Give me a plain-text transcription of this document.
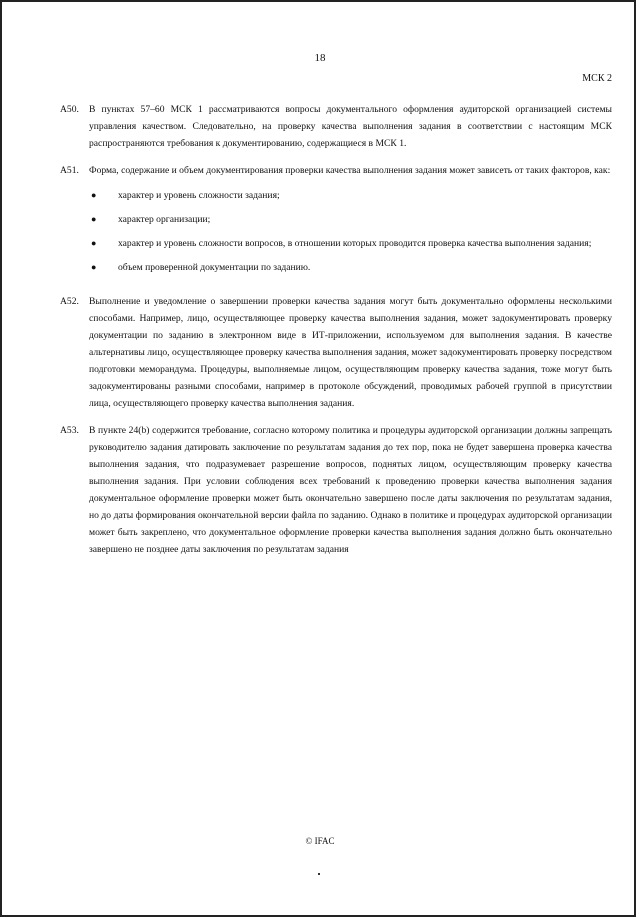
18
МСК 2
A50.	В пунктах 57–60 МСК 1 рассматриваются вопросы документального оформления аудиторской организацией системы управления качеством. Следовательно, на проверку качества выполнения задания в соответствии с настоящим МСК распространяются требования к документированию, содержащиеся в МСК 1.
A51.	Форма, содержание и объем документирования проверки качества выполнения задания может зависеть от таких факторов, как:
●	характер и уровень сложности задания;
●	характер организации;
●	характер и уровень сложности вопросов, в отношении которых проводится проверка качества выполнения задания;
●	объем проверенной документации по заданию.
A52.	Выполнение и уведомление о завершении проверки качества задания могут быть документально оформлены несколькими способами. Например, лицо, осуществляющее проверку качества выполнения задания, может задокументировать проверку документации по заданию в электронном виде в ИТ-приложении, используемом для выполнения задания. В качестве альтернативы лицо, осуществляющее проверку качества выполнения задания, может задокументировать проверку посредством подготовки меморандума. Процедуры, выполняемые лицом, осуществляющим проверку качества задания, тоже могут быть задокументированы разными способами, например в протоколе обсуждений, проводимых рабочей группой в присутствии лица, осуществляющего проверку качества выполнения задания.
A53.	В пункте 24(b) содержится требование, согласно которому политика и процедуры аудиторской организации должны запрещать руководителю задания датировать заключение по результатам задания до тех пор, пока не будет завершена проверка качества выполнения задания, что подразумевает разрешение вопросов, поднятых лицом, осуществляющим проверку качества выполнения задания. При условии соблюдения всех требований к проведению проверки качества выполнения задания документальное оформление проверки может быть окончательно завершено после даты заключения по результатам задания, но до даты формирования окончательной версии файла по заданию. Однако в политике и процедурах аудиторской организации может быть закреплено, что документальное оформление проверки качества выполнения задания должно быть окончательно завершено не позднее даты заключения по результатам задания
© IFAC
